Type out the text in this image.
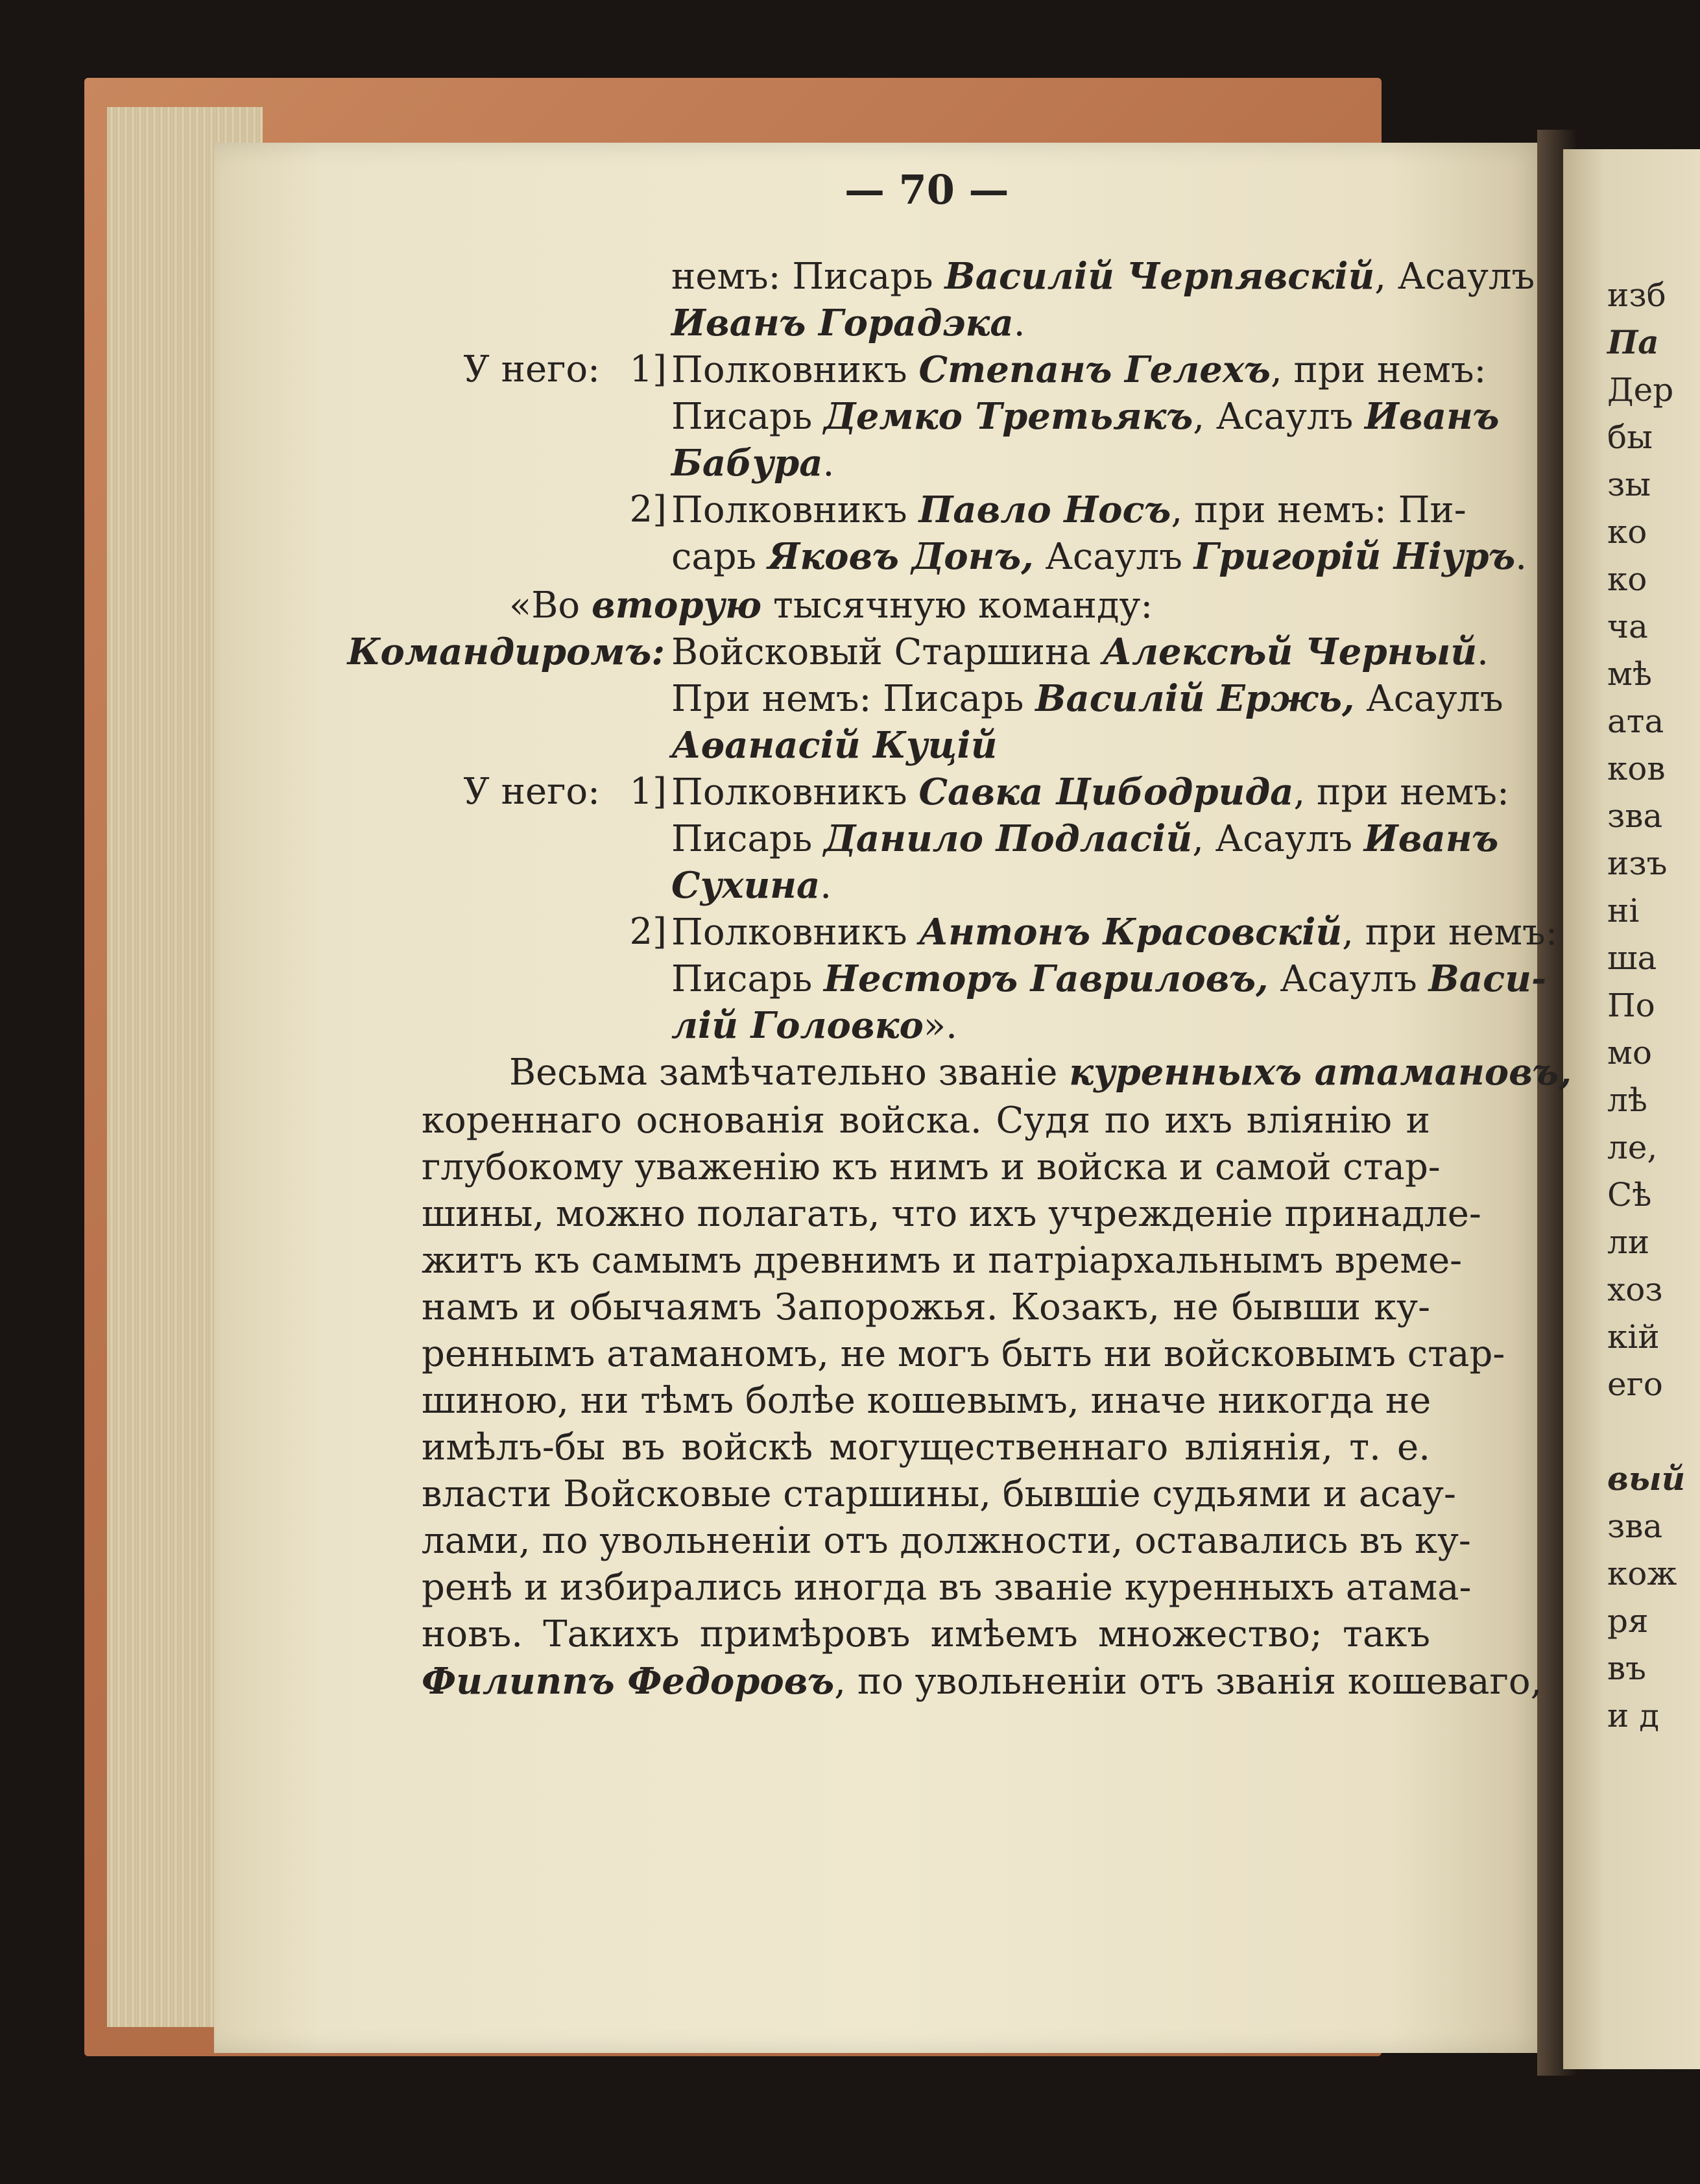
— 70 —
немъ: Писарь Василій Черпявскій, Асаулъ
Иванъ Горадэка.
У него: 1] Полковникъ Степанъ Гелехъ, при немъ:
Писарь Демко Третьякъ, Асаулъ Иванъ
Бабура.
2] Полковникъ Павло Носъ, при немъ: Пи-
сарь Яковъ Донъ, Асаулъ Григорій Ніуръ.
«Во вторую тысячную команду:
Командиромъ: Войсковый Старшина Алексѣй Черный.
При немъ: Писарь Василій Ержь, Асаулъ
Аѳанасій Куцій
У него: 1] Полковникъ Савка Цибодрида, при немъ:
Писарь Данило Подласій, Асаулъ Иванъ
Сухина.
2] Полковникъ Антонъ Красовскій, при немъ:
Писарь Несторъ Гавриловъ, Асаулъ Васи-
лій Головко».
Весьма замѣчательно званіе куренныхъ атамановъ,
кореннаго основанія войска. Судя по ихъ вліянію и
глубокому уваженію къ нимъ и войска и самой стар-
шины, можно полагать, что ихъ учрежденіе принадле-
житъ къ самымъ древнимъ и патріархальнымъ време-
намъ и обычаямъ Запорожья. Козакъ, не бывши ку-
реннымъ атаманомъ, не могъ быть ни войсковымъ стар-
шиною, ни тѣмъ болѣе кошевымъ, иначе никогда не
имѣлъ-бы въ войскѣ могущественнаго вліянія, т. е.
власти Войсковые старшины, бывшіе судьями и асау-
лами, по увольненіи отъ должности, оставались въ ку-
ренѣ и избирались иногда въ званіе куренныхъ атама-
новъ. Такихъ примѣровъ имѣемъ множество; такъ
Филиппъ Федоровъ, по увольненіи отъ званія кошеваго,
изб
Па
Дер
бы
зы
ко
ко
ча
мѣ
ата
ков
зва
изъ
ні
ша
По
мо
лѣ
ле,
Сѣ
ли
хоз
кій
его
вый
зва
кож
ря
въ
и д
